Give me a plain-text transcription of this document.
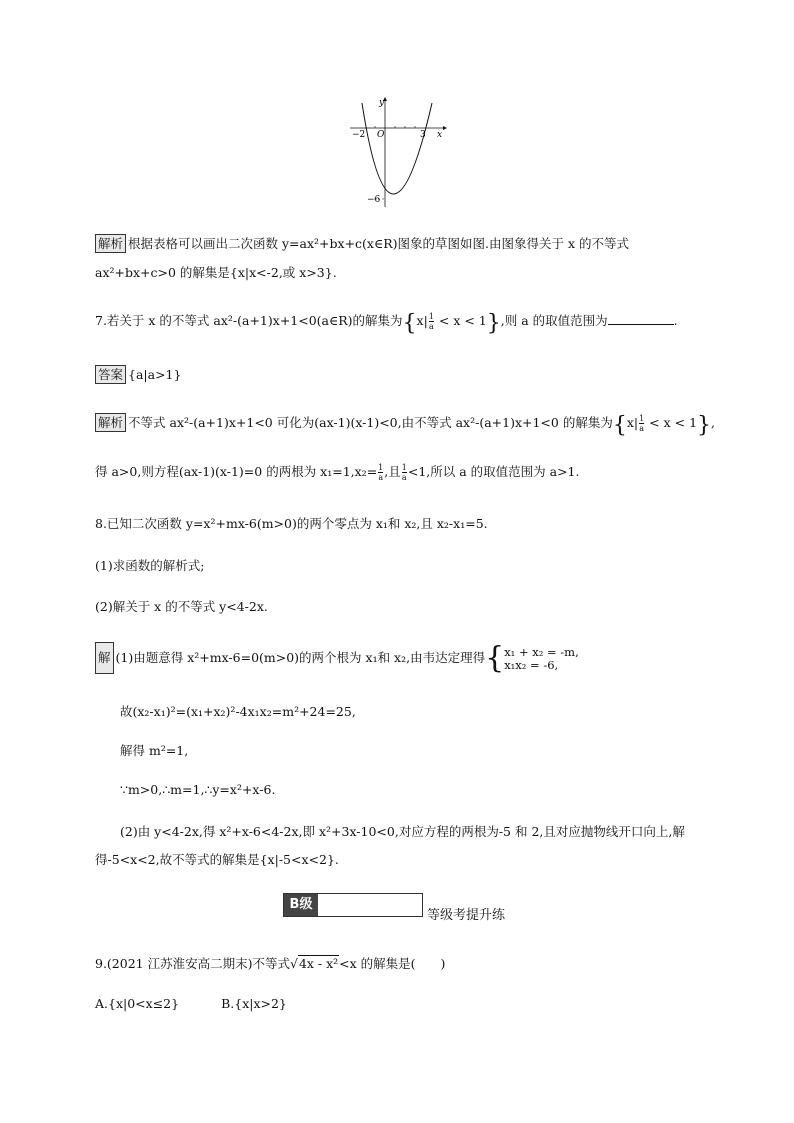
y
x
O
−2	3
−6
解析 根据表格可以画出二次函数 y=ax²+bx+c(x∈R)图象的草图如图.由图象得关于 x 的不等式
ax²+bx+c>0 的解集是{x|x<-2,或 x>3}.
7.若关于 x 的不等式 ax²-(a+1)x+1<0(a∈R)的解集为$\{x| \frac{1}{a} < x < 1\}$,则 a 的取值范围为	.
答案 {a|a>1}
解析 不等式 ax²-(a+1)x+1<0 可化为(ax-1)(x-1)<0,由不等式 ax²-(a+1)x+1<0 的解集为$\{x| \frac{1}{a} < x < 1\}$,
得 a>0,则方程(ax-1)(x-1)=0 的两根为 $x_1=1,x_2= \frac{1}{a}$ ,且 $\frac{1}{a} <1$,所以 a 的取值范围为 a>1.
8.已知二次函数 y=x²+mx-6(m>0)的两个零点为 x₁和 x₂,且 x₂-x₁=5.
(1)求函数的解析式;
(2)解关于 x 的不等式 y<4-2x.
解 (1)由题意得 x²+mx-6=0(m>0)的两个根为 x₁和 x₂,由韦达定理得{ x₁ + x₂ = -m,
x₁x₂ = -6,
故(x₂-x₁)²=(x₁+x₂)²-4x₁x₂=m²+24=25,
解得 m²=1,
∵m>0,∴m=1,∴y=x²+x-6.
(2)由 y<4-2x,得 x²+x-6<4-2x,即 x²+3x-10<0,对应方程的两根为-5 和 2,且对应抛物线开口向上,解
得-5<x<2,故不等式的解集是{x|-5<x<2}.
B级
等级考提升练
9.(2021 江苏淮安高二期末)不等式√4x - x²<x 的解集是(　　)
A.{x|0<x≤2}	B.{x|x>2}
